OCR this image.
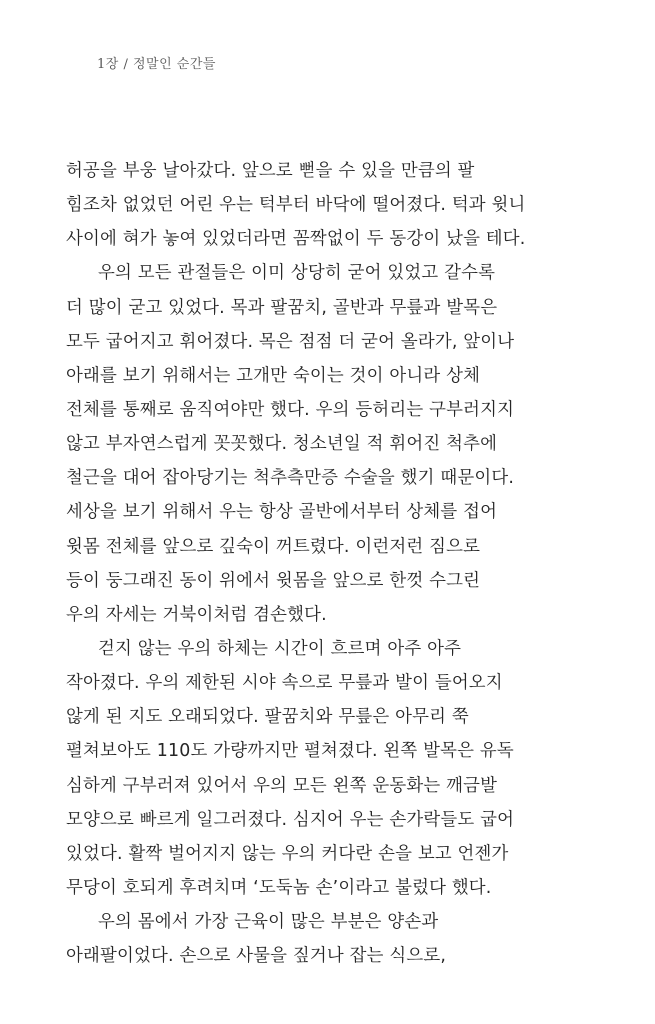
1장 / 정말인 순간들
허공을 부웅 날아갔다. 앞으로 뻗을 수 있을 만큼의 팔
힘조차 없었던 어린 우는 턱부터 바닥에 떨어졌다. 턱과 윗니
사이에 혀가 놓여 있었더라면 꼼짝없이 두 동강이 났을 테다.
우의 모든 관절들은 이미 상당히 굳어 있었고 갈수록
더 많이 굳고 있었다. 목과 팔꿈치, 골반과 무릎과 발목은
모두 굽어지고 휘어졌다. 목은 점점 더 굳어 올라가, 앞이나
아래를 보기 위해서는 고개만 숙이는 것이 아니라 상체
전체를 통째로 움직여야만 했다. 우의 등허리는 구부러지지
않고 부자연스럽게 꼿꼿했다. 청소년일 적 휘어진 척추에
철근을 대어 잡아당기는 척추측만증 수술을 했기 때문이다.
세상을 보기 위해서 우는 항상 골반에서부터 상체를 접어
윗몸 전체를 앞으로 깊숙이 꺼트렸다. 이런저런 짐으로
등이 둥그래진 동이 위에서 윗몸을 앞으로 한껏 수그린
우의 자세는 거북이처럼 겸손했다.
걷지 않는 우의 하체는 시간이 흐르며 아주 아주
작아졌다. 우의 제한된 시야 속으로 무릎과 발이 들어오지
않게 된 지도 오래되었다. 팔꿈치와 무릎은 아무리 쭉
펼쳐보아도 110도 가량까지만 펼쳐졌다. 왼쪽 발목은 유독
심하게 구부러져 있어서 우의 모든 왼쪽 운동화는 깨금발
모양으로 빠르게 일그러졌다. 심지어 우는 손가락들도 굽어
있었다. 활짝 벌어지지 않는 우의 커다란 손을 보고 언젠가
무당이 호되게 후려치며 ‘도둑놈 손’이라고 불렀다 했다.
우의 몸에서 가장 근육이 많은 부분은 양손과
아래팔이었다. 손으로 사물을 짚거나 잡는 식으로,
